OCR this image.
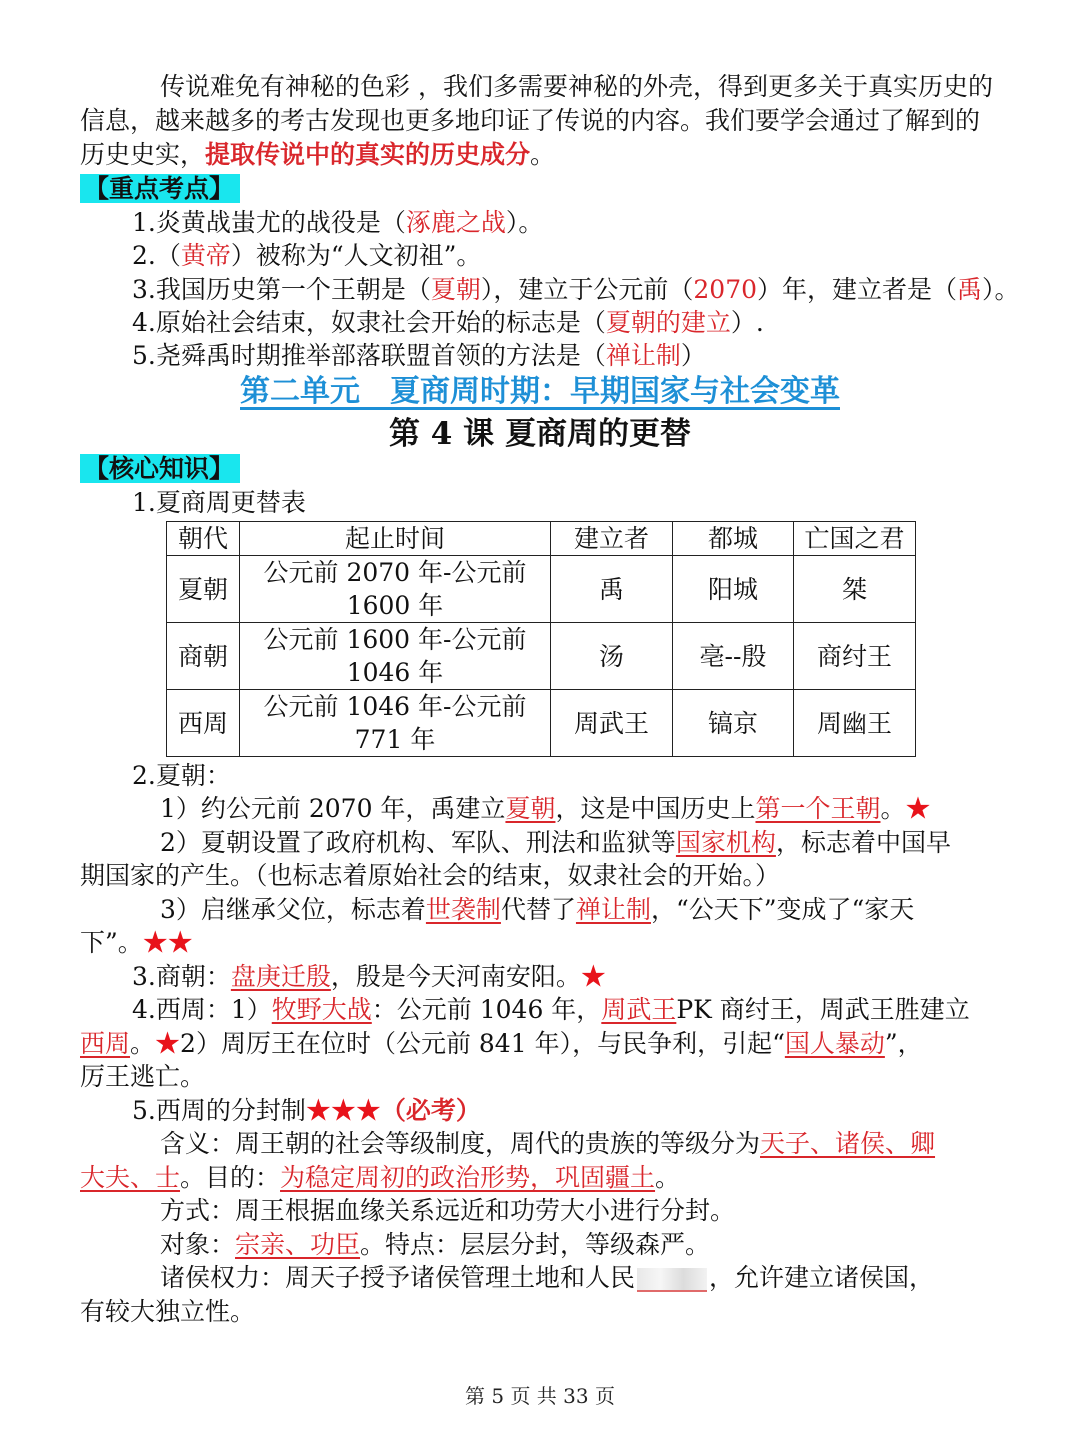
传说难免有神秘的色彩 ，我们多需要神秘的外壳，得到更多关于真实历史的
信息，越来越多的考古发现也更多地印证了传说的内容。我们要学会通过了解到的
历史史实，提取传说中的真实的历史成分。
【重点考点】
1.炎黄战蚩尤的战役是（涿鹿之战）。
2.（黄帝）被称为“人文初祖”。
3.我国历史第一个王朝是（夏朝），建立于公元前（2070）年，建立者是（禹）。
4.原始社会结束，奴隶社会开始的标志是（夏朝的建立）.
5.尧舜禹时期推举部落联盟首领的方法是（禅让制）
第二单元　夏商周时期：早期国家与社会变革
第 4 课 夏商周的更替
【核心知识】
1.夏商周更替表
朝代	起止时间	建立者	都城	亡国之君
夏朝	公元前 2070 年-公元前
1600 年	禹	阳城	桀
商朝	公元前 1600 年-公元前
1046 年	汤	亳--殷	商纣王
西周	公元前 1046 年-公元前
771 年	周武王	镐京	周幽王
2.夏朝：
1）约公元前 2070 年，禹建立夏朝，这是中国历史上第一个王朝。★
2）夏朝设置了政府机构、军队、刑法和监狱等国家机构，标志着中国早
期国家的产生。（也标志着原始社会的结束，奴隶社会的开始。）
3）启继承父位，标志着世袭制代替了禅让制，“公天下”变成了“家天
下”。★★
3.商朝：盘庚迁殷，殷是今天河南安阳。★
4.西周：1）牧野大战：公元前 1046 年，周武王PK 商纣王，周武王胜建立
西周。★2）周厉王在位时（公元前 841 年），与民争利，引起“国人暴动”，
厉王逃亡。
5.西周的分封制★★★（必考）
含义：周王朝的社会等级制度，周代的贵族的等级分为天子、诸侯、卿
大夫、士。目的：为稳定周初的政治形势，巩固疆土。
方式：周王根据血缘关系远近和功劳大小进行分封。
对象：宗亲、功臣。特点：层层分封，等级森严。
诸侯权力：周天子授予诸侯管理土地和人民	，允许建立诸侯国，
有较大独立性。
第 5 页 共 33 页
